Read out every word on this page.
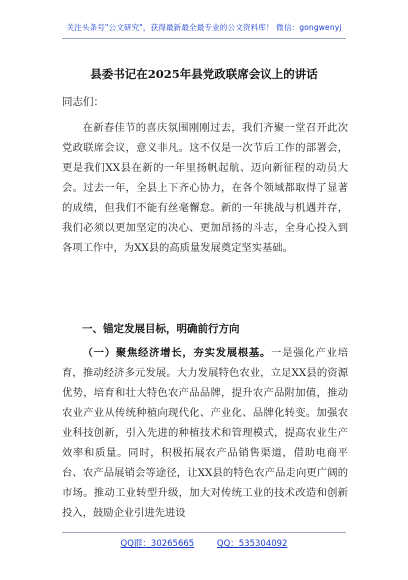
关注头条号"公文研究"，获得最新最全最专业的公文资料库！ 微信：gongwenyj
县委书记在2025年县党政联席会议上的讲话
同志们：

在新春佳节的喜庆氛围刚刚过去，我们齐聚一堂召开此次党政联席会议，意义非凡。这不仅是一次节后工作的部署会，更是我们XX县在新的一年里扬帆起航、迈向新征程的动员大会。过去一年，全县上下齐心协力，在各个领域都取得了显著的成绩，但我们不能有丝毫懈怠。新的一年挑战与机遇并存，我们必须以更加坚定的决心、更加昂扬的斗志，全身心投入到各项工作中，为XX县的高质量发展奠定坚实基础。

一、锚定发展目标，明确前行方向

（一）聚焦经济增长，夯实发展根基。一是强化产业培育，推动经济多元发展。大力发展特色农业，立足XX县的资源优势，培育和壮大特色农产品品牌，提升农产品附加值，推动农业产业从传统种植向现代化、产业化、品牌化转变。加强农业科技创新，引入先进的种植技术和管理模式，提高农业生产效率和质量。同时，积极拓展农产品销售渠道，借助电商平台、农产品展销会等途径，让XX县的特色农产品走向更广阔的市场。推动工业转型升级，加大对传统工业的技术改造和创新投入，鼓励企业引进先进设

QQ群：30265665	QQ：535304092
